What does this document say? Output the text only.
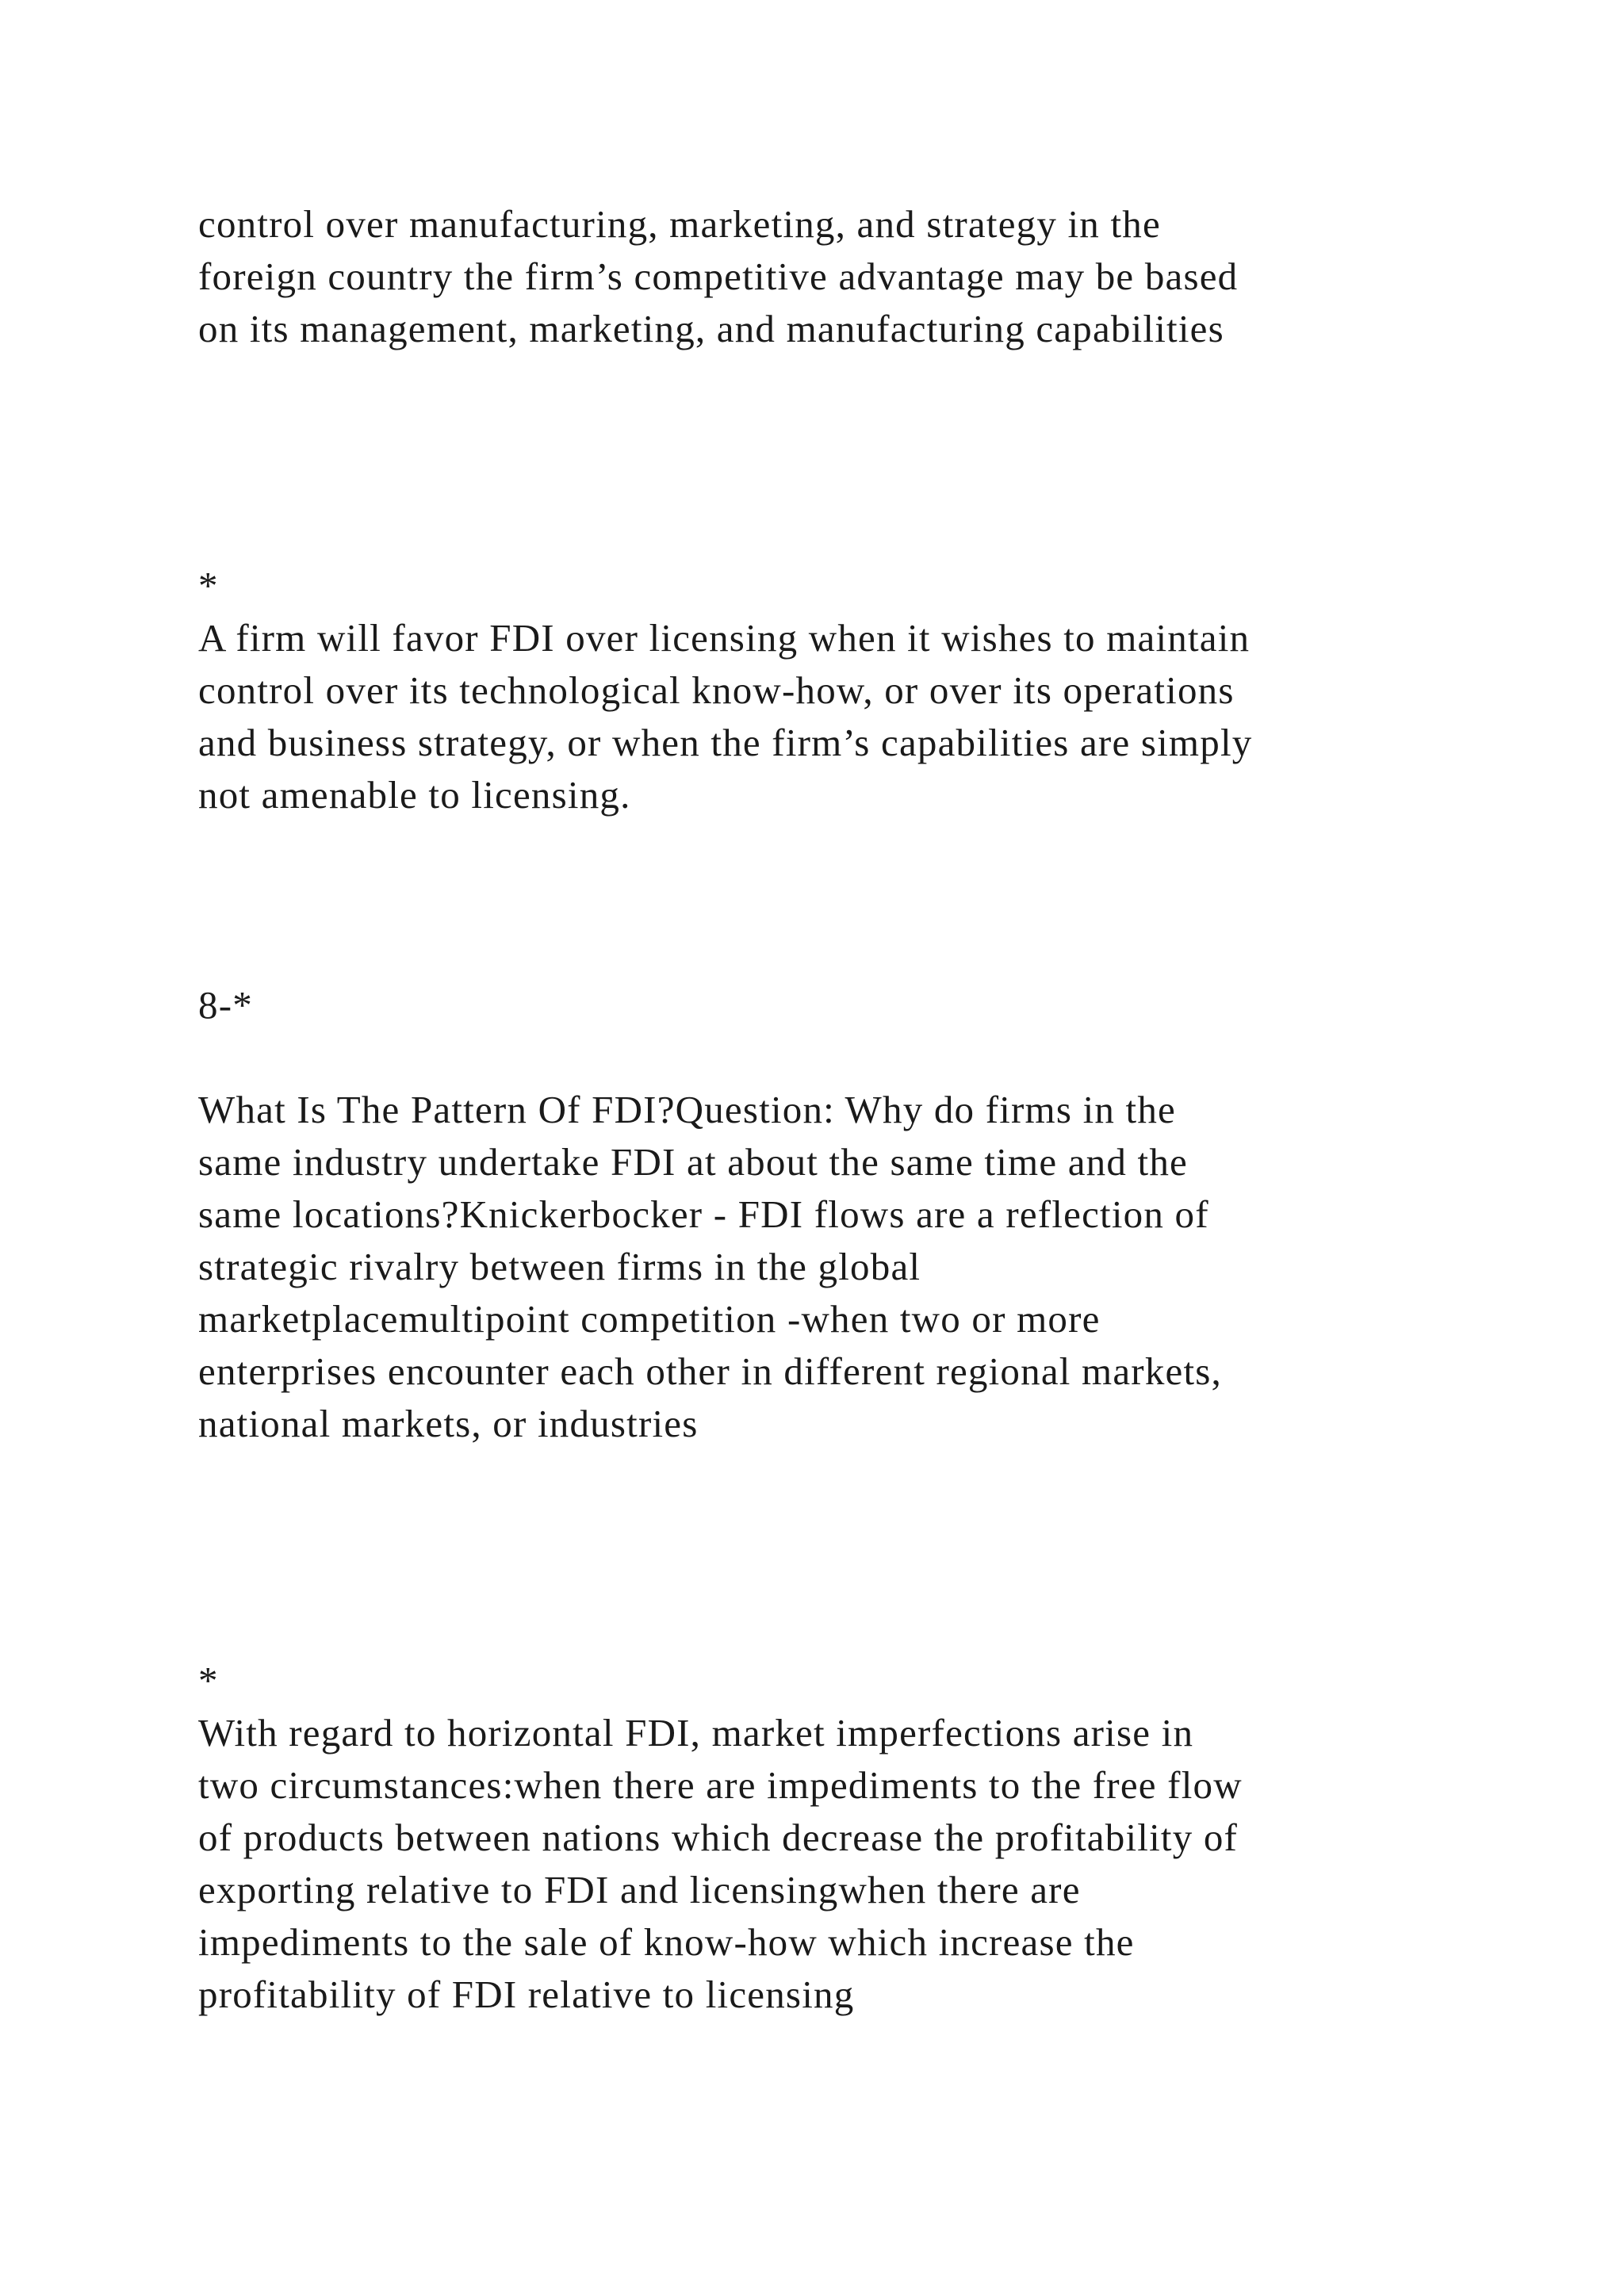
control over manufacturing, marketing, and strategy in the
foreign country the firm’s competitive advantage may be based
on its management, marketing, and manufacturing capabilities
*
A firm will favor FDI over licensing when it wishes to maintain
control over its technological know-how, or over its operations
and business strategy, or when the firm’s capabilities are simply
not amenable to licensing.
8-*
What Is The Pattern Of FDI?Question: Why do firms in the
same industry undertake FDI at about the same time and the
same locations?Knickerbocker - FDI flows are a reflection of
strategic rivalry between firms in the global
marketplacemultipoint competition -when two or more
enterprises encounter each other in different regional markets,
national markets, or industries
*
With regard to horizontal FDI, market imperfections arise in
two circumstances:when there are impediments to the free flow
of products between nations which decrease the profitability of
exporting relative to FDI and licensingwhen there are
impediments to the sale of know-how which increase the
profitability of FDI relative to licensing
